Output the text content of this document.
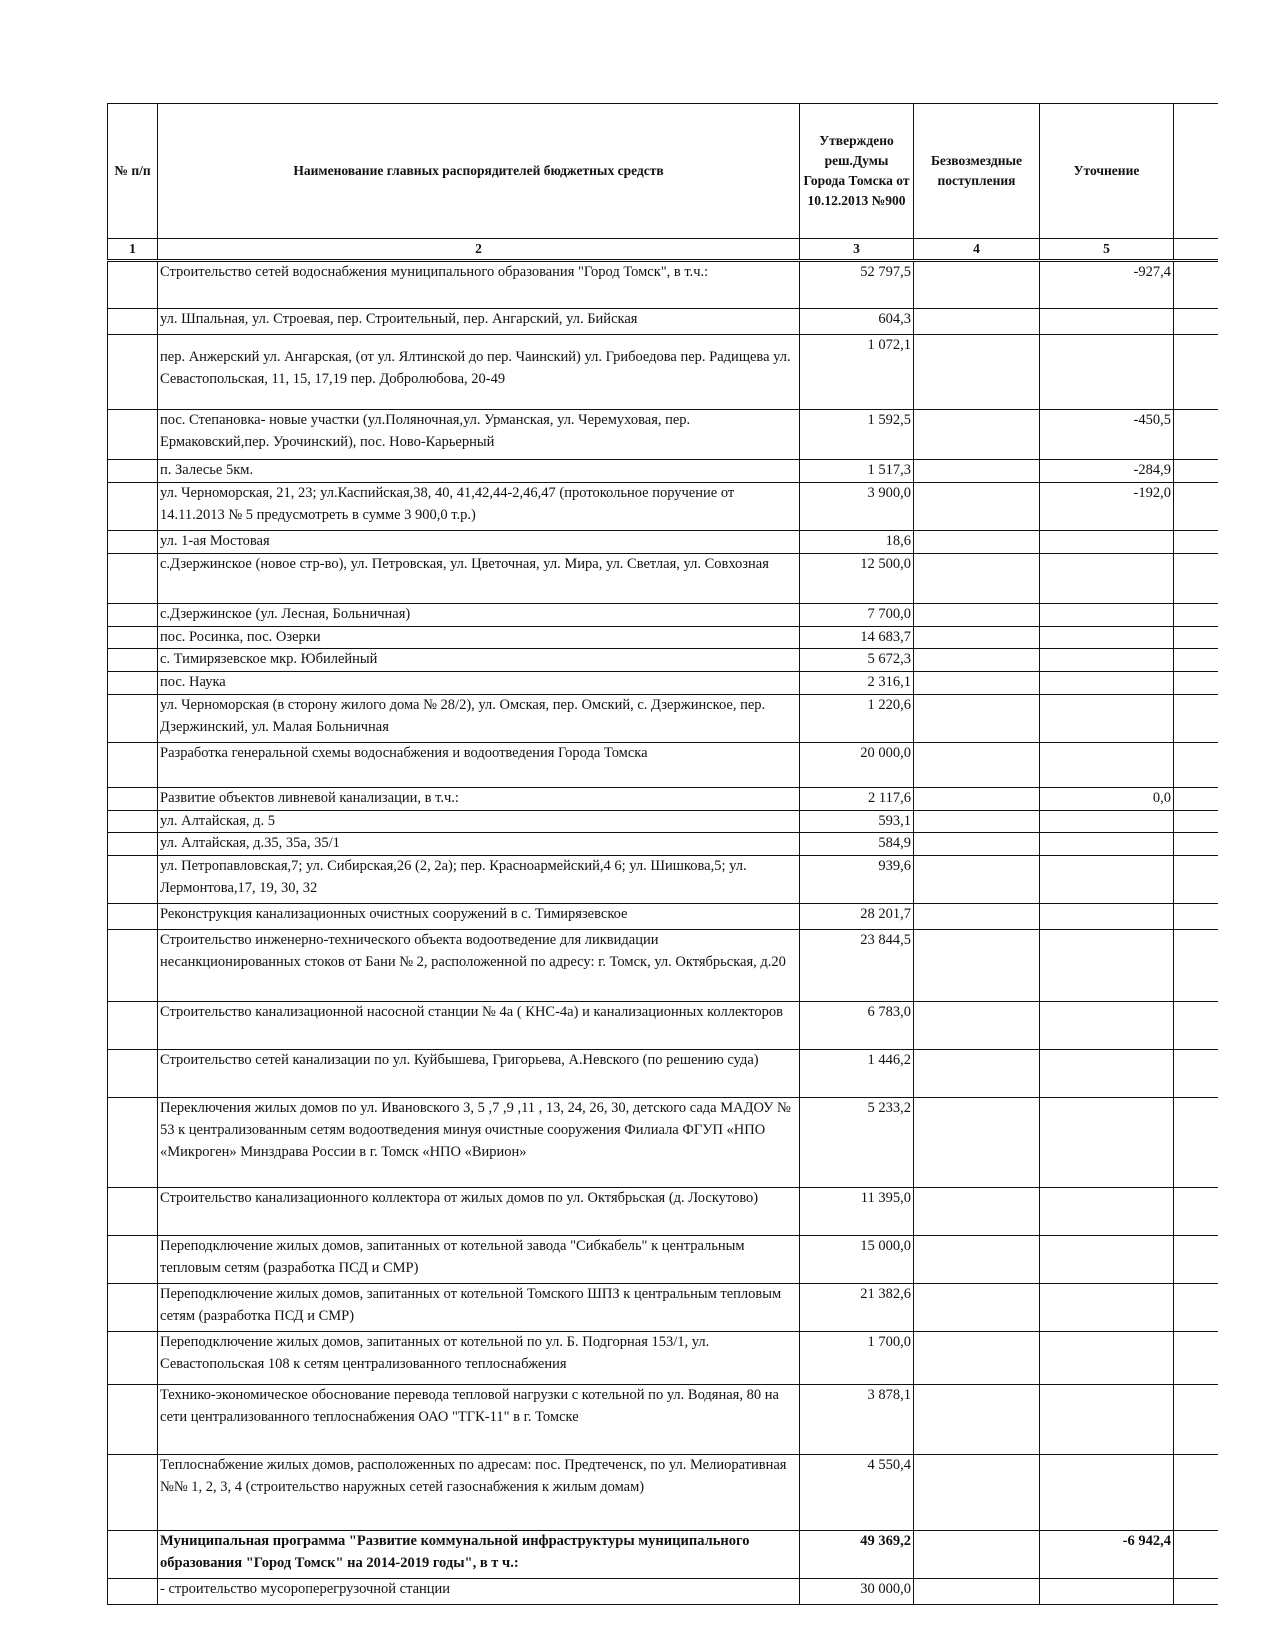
№ п/п	Наименование главных распорядителей бюджетных средств	Утверждено реш.Думы Города Томска от 10.12.2013 №900	Безвозмездные поступления	Уточнение	
1	2	3	4	5	
	Строительство сетей водоснабжения муниципального образования "Город Томск", в т.ч.:	52 797,5		-927,4	
	ул. Шпальная, ул. Строевая, пер. Строительный, пер. Ангарский, ул. Бийская	604,3			
	пер. Анжерский ул. Ангарская, (от ул. Ялтинской до пер. Чаинский) ул. Грибоедова пер. Радищева ул. Севастопольская, 11, 15, 17,19 пер. Добролюбова, 20-49	1 072,1			
	пос. Степановка- новые участки (ул.Поляночная,ул. Урманская, ул. Черемуховая, пер. Ермаковский,пер. Урочинский), пос. Ново-Карьерный	1 592,5		-450,5	
	п. Залесье 5км.	1 517,3		-284,9	
	ул. Черноморская, 21, 23; ул.Каспийская,38, 40, 41,42,44-2,46,47 (протокольное поручение от 14.11.2013 № 5 предусмотреть в сумме 3 900,0 т.р.)	3 900,0		-192,0	
	ул. 1-ая Мостовая	18,6			
	с.Дзержинское (новое стр-во), ул. Петровская, ул. Цветочная, ул. Мира, ул. Светлая, ул. Совхозная	12 500,0			
	с.Дзержинское (ул. Лесная, Больничная)	7 700,0			
	пос. Росинка, пос. Озерки	14 683,7			
	с. Тимирязевское мкр. Юбилейный	5 672,3			
	пос. Наука	2 316,1			
	ул. Черноморская (в сторону жилого дома № 28/2), ул. Омская, пер. Омский, с. Дзержинское, пер. Дзержинский, ул. Малая Больничная	1 220,6			
	Разработка генеральной схемы водоснабжения и водоотведения Города Томска	20 000,0			
	Развитие объектов ливневой канализации, в т.ч.:	2 117,6		0,0	
	ул. Алтайская, д. 5	593,1			
	ул. Алтайская, д.35, 35а, 35/1	584,9			
	ул. Петропавловская,7; ул. Сибирская,26 (2, 2а); пер. Красноармейский,4 6; ул. Шишкова,5; ул. Лермонтова,17, 19, 30, 32	939,6			
	Реконструкция канализационных очистных сооружений в с. Тимирязевское	28 201,7			
	Строительство инженерно-технического объекта водоотведение для ликвидации несанкционированных стоков от Бани № 2, расположенной по адресу: г. Томск, ул. Октябрьская, д.20	23 844,5			
	Строительство канализационной насосной станции № 4а ( КНС-4а) и канализационных коллекторов	6 783,0			
	Строительство сетей канализации по ул. Куйбышева, Григорьева, А.Невского (по решению суда)	1 446,2			
	Переключения жилых домов по ул. Ивановского 3, 5 ,7 ,9 ,11 , 13, 24, 26, 30, детского сада МАДОУ № 53 к централизованным сетям водоотведения минуя очистные сооружения Филиала ФГУП «НПО «Микроген» Минздрава России в г. Томск «НПО «Вирион»	5 233,2			
	Строительство канализационного коллектора от жилых домов по ул. Октябрьская (д. Лоскутово)	11 395,0			
	Переподключение жилых домов, запитанных от котельной завода "Сибкабель" к центральным тепловым сетям (разработка ПСД и СМР)	15 000,0			
	Переподключение жилых домов, запитанных от котельной Томского ШПЗ к центральным тепловым сетям (разработка ПСД и СМР)	21 382,6			
	Переподключение жилых домов, запитанных от котельной по ул. Б. Подгорная 153/1, ул. Севастопольская 108 к сетям централизованного теплоснабжения	1 700,0			
	Технико-экономическое обоснование перевода тепловой нагрузки с котельной по ул. Водяная, 80 на сети централизованного теплоснабжения ОАО "ТГК-11" в г. Томске	3 878,1			
	Теплоснабжение жилых домов, расположенных по адресам: пос. Предтеченск, по ул. Мелиоративная №№ 1, 2, 3, 4 (строительство наружных сетей газоснабжения к жилым домам)	4 550,4			
	Муниципальная программа "Развитие коммунальной инфраструктуры муниципального образования "Город Томск" на 2014-2019 годы", в т ч.:	49 369,2		-6 942,4	
	- строительство мусороперегрузочной станции	30 000,0			
